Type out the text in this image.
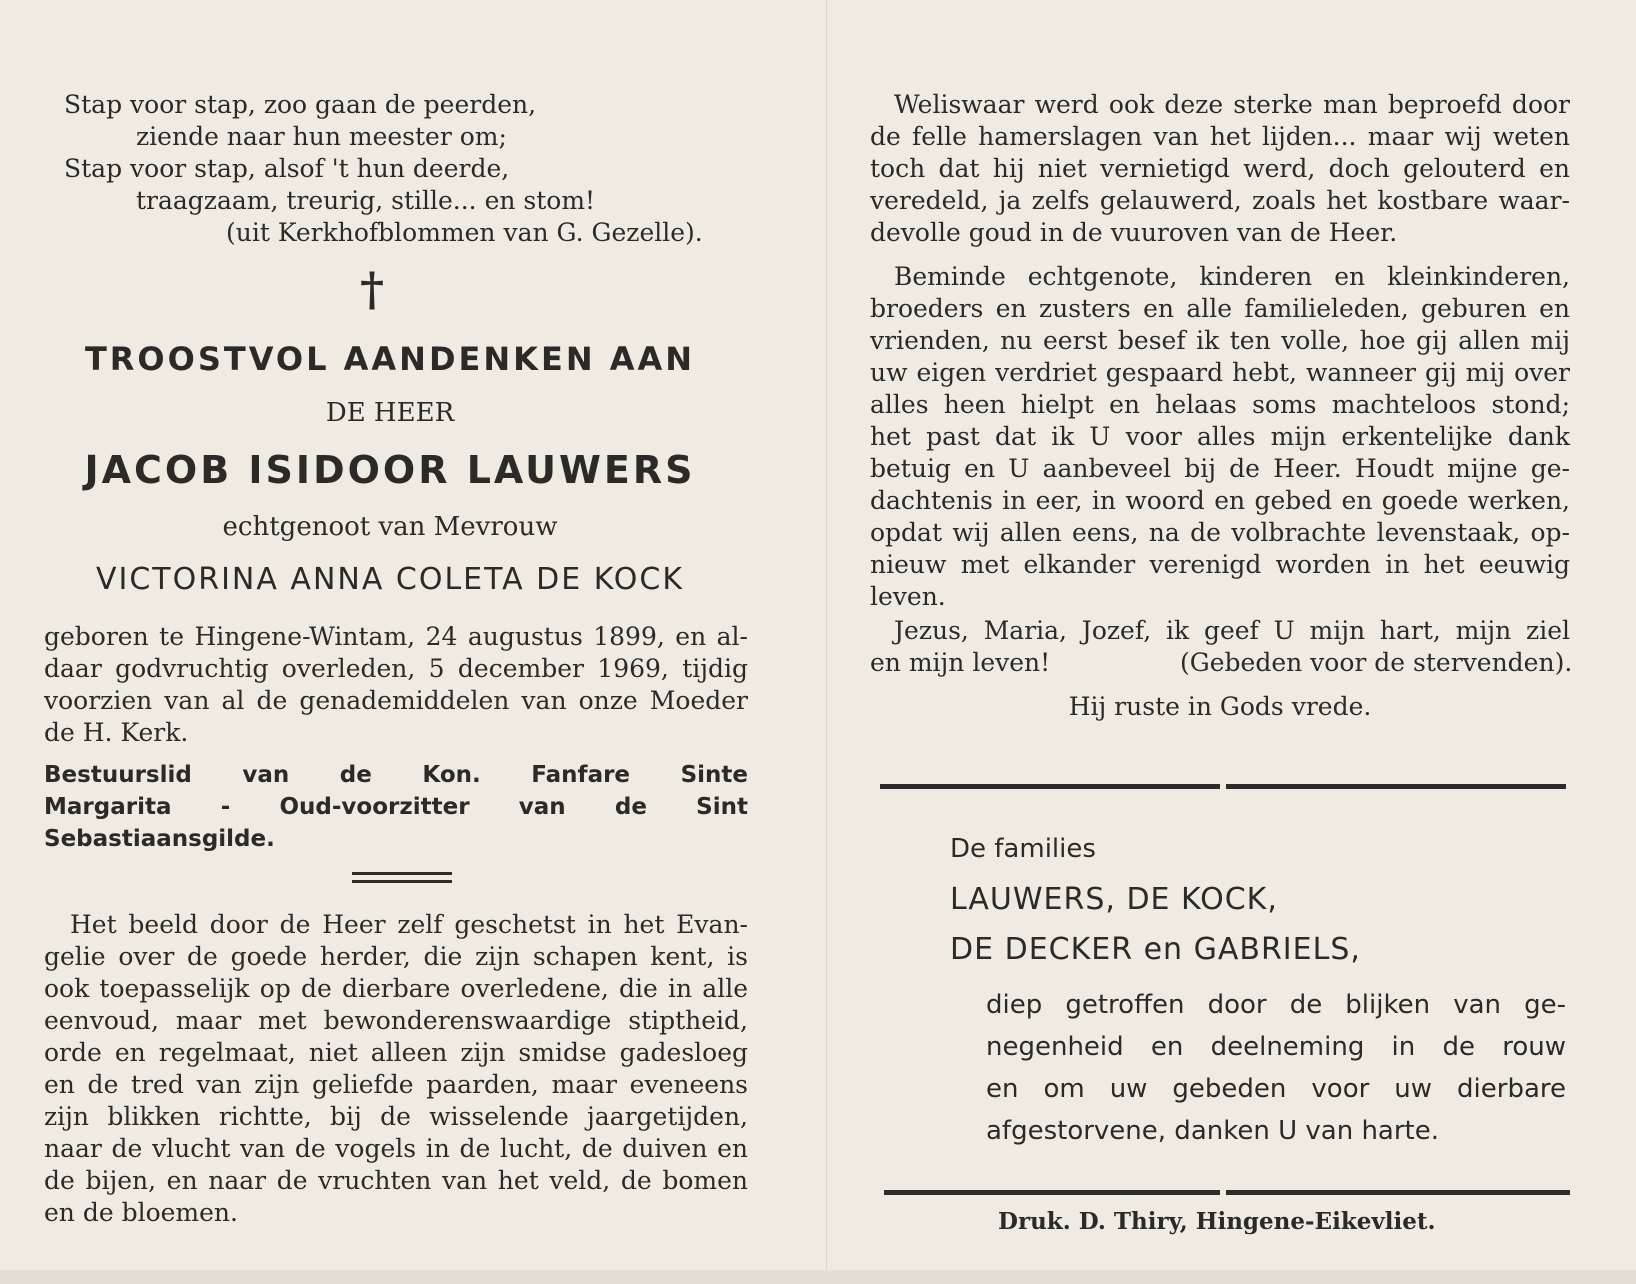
Stap voor stap, zoo gaan de peerden,
ziende naar hun meester om;
Stap voor stap, alsof 't hun deerde,
traagzaam, treurig, stille... en stom!
(uit Kerkhofblommen van G. Gezelle).
†
TROOSTVOL AANDENKEN AAN
DE HEER
JACOB ISIDOOR LAUWERS
echtgenoot van Mevrouw
VICTORINA ANNA COLETA DE KOCK
geboren te Hingene-Wintam, 24 augustus 1899, en al-
daar godvruchtig overleden, 5 december 1969, tijdig
voorzien van al de genademiddelen van onze Moeder
de H. Kerk.
Bestuurslid van de Kon. Fanfare Sinte
Margarita - Oud-voorzitter van de Sint
Sebastiaansgilde.
Het beeld door de Heer zelf geschetst in het Evan-
gelie over de goede herder, die zijn schapen kent, is
ook toepasselijk op de dierbare overledene, die in alle
eenvoud, maar met bewonderenswaardige stiptheid,
orde en regelmaat, niet alleen zijn smidse gadesloeg
en de tred van zijn geliefde paarden, maar eveneens
zijn blikken richtte, bij de wisselende jaargetijden,
naar de vlucht van de vogels in de lucht, de duiven en
de bijen, en naar de vruchten van het veld, de bomen
en de bloemen.
Weliswaar werd ook deze sterke man beproefd door
de felle hamerslagen van het lijden... maar wij weten
toch dat hij niet vernietigd werd, doch gelouterd en
veredeld, ja zelfs gelauwerd, zoals het kostbare waar-
devolle goud in de vuuroven van de Heer.
Beminde echtgenote, kinderen en kleinkinderen,
broeders en zusters en alle familieleden, geburen en
vrienden, nu eerst besef ik ten volle, hoe gij allen mij
uw eigen verdriet gespaard hebt, wanneer gij mij over
alles heen hielpt en helaas soms machteloos stond;
het past dat ik U voor alles mijn erkentelijke dank
betuig en U aanbeveel bij de Heer. Houdt mijne ge-
dachtenis in eer, in woord en gebed en goede werken,
opdat wij allen eens, na de volbrachte levenstaak, op-
nieuw met elkander verenigd worden in het eeuwig
leven.
Jezus, Maria, Jozef, ik geef U mijn hart, mijn ziel
en mijn leven!	(Gebeden voor de stervenden).
Hij ruste in Gods vrede.
De families
LAUWERS, DE KOCK,
DE DECKER en GABRIELS,
diep getroffen door de blijken van ge-
negenheid en deelneming in de rouw
en om uw gebeden voor uw dierbare
afgestorvene, danken U van harte.
Druk. D. Thiry, Hingene-Eikevliet.
